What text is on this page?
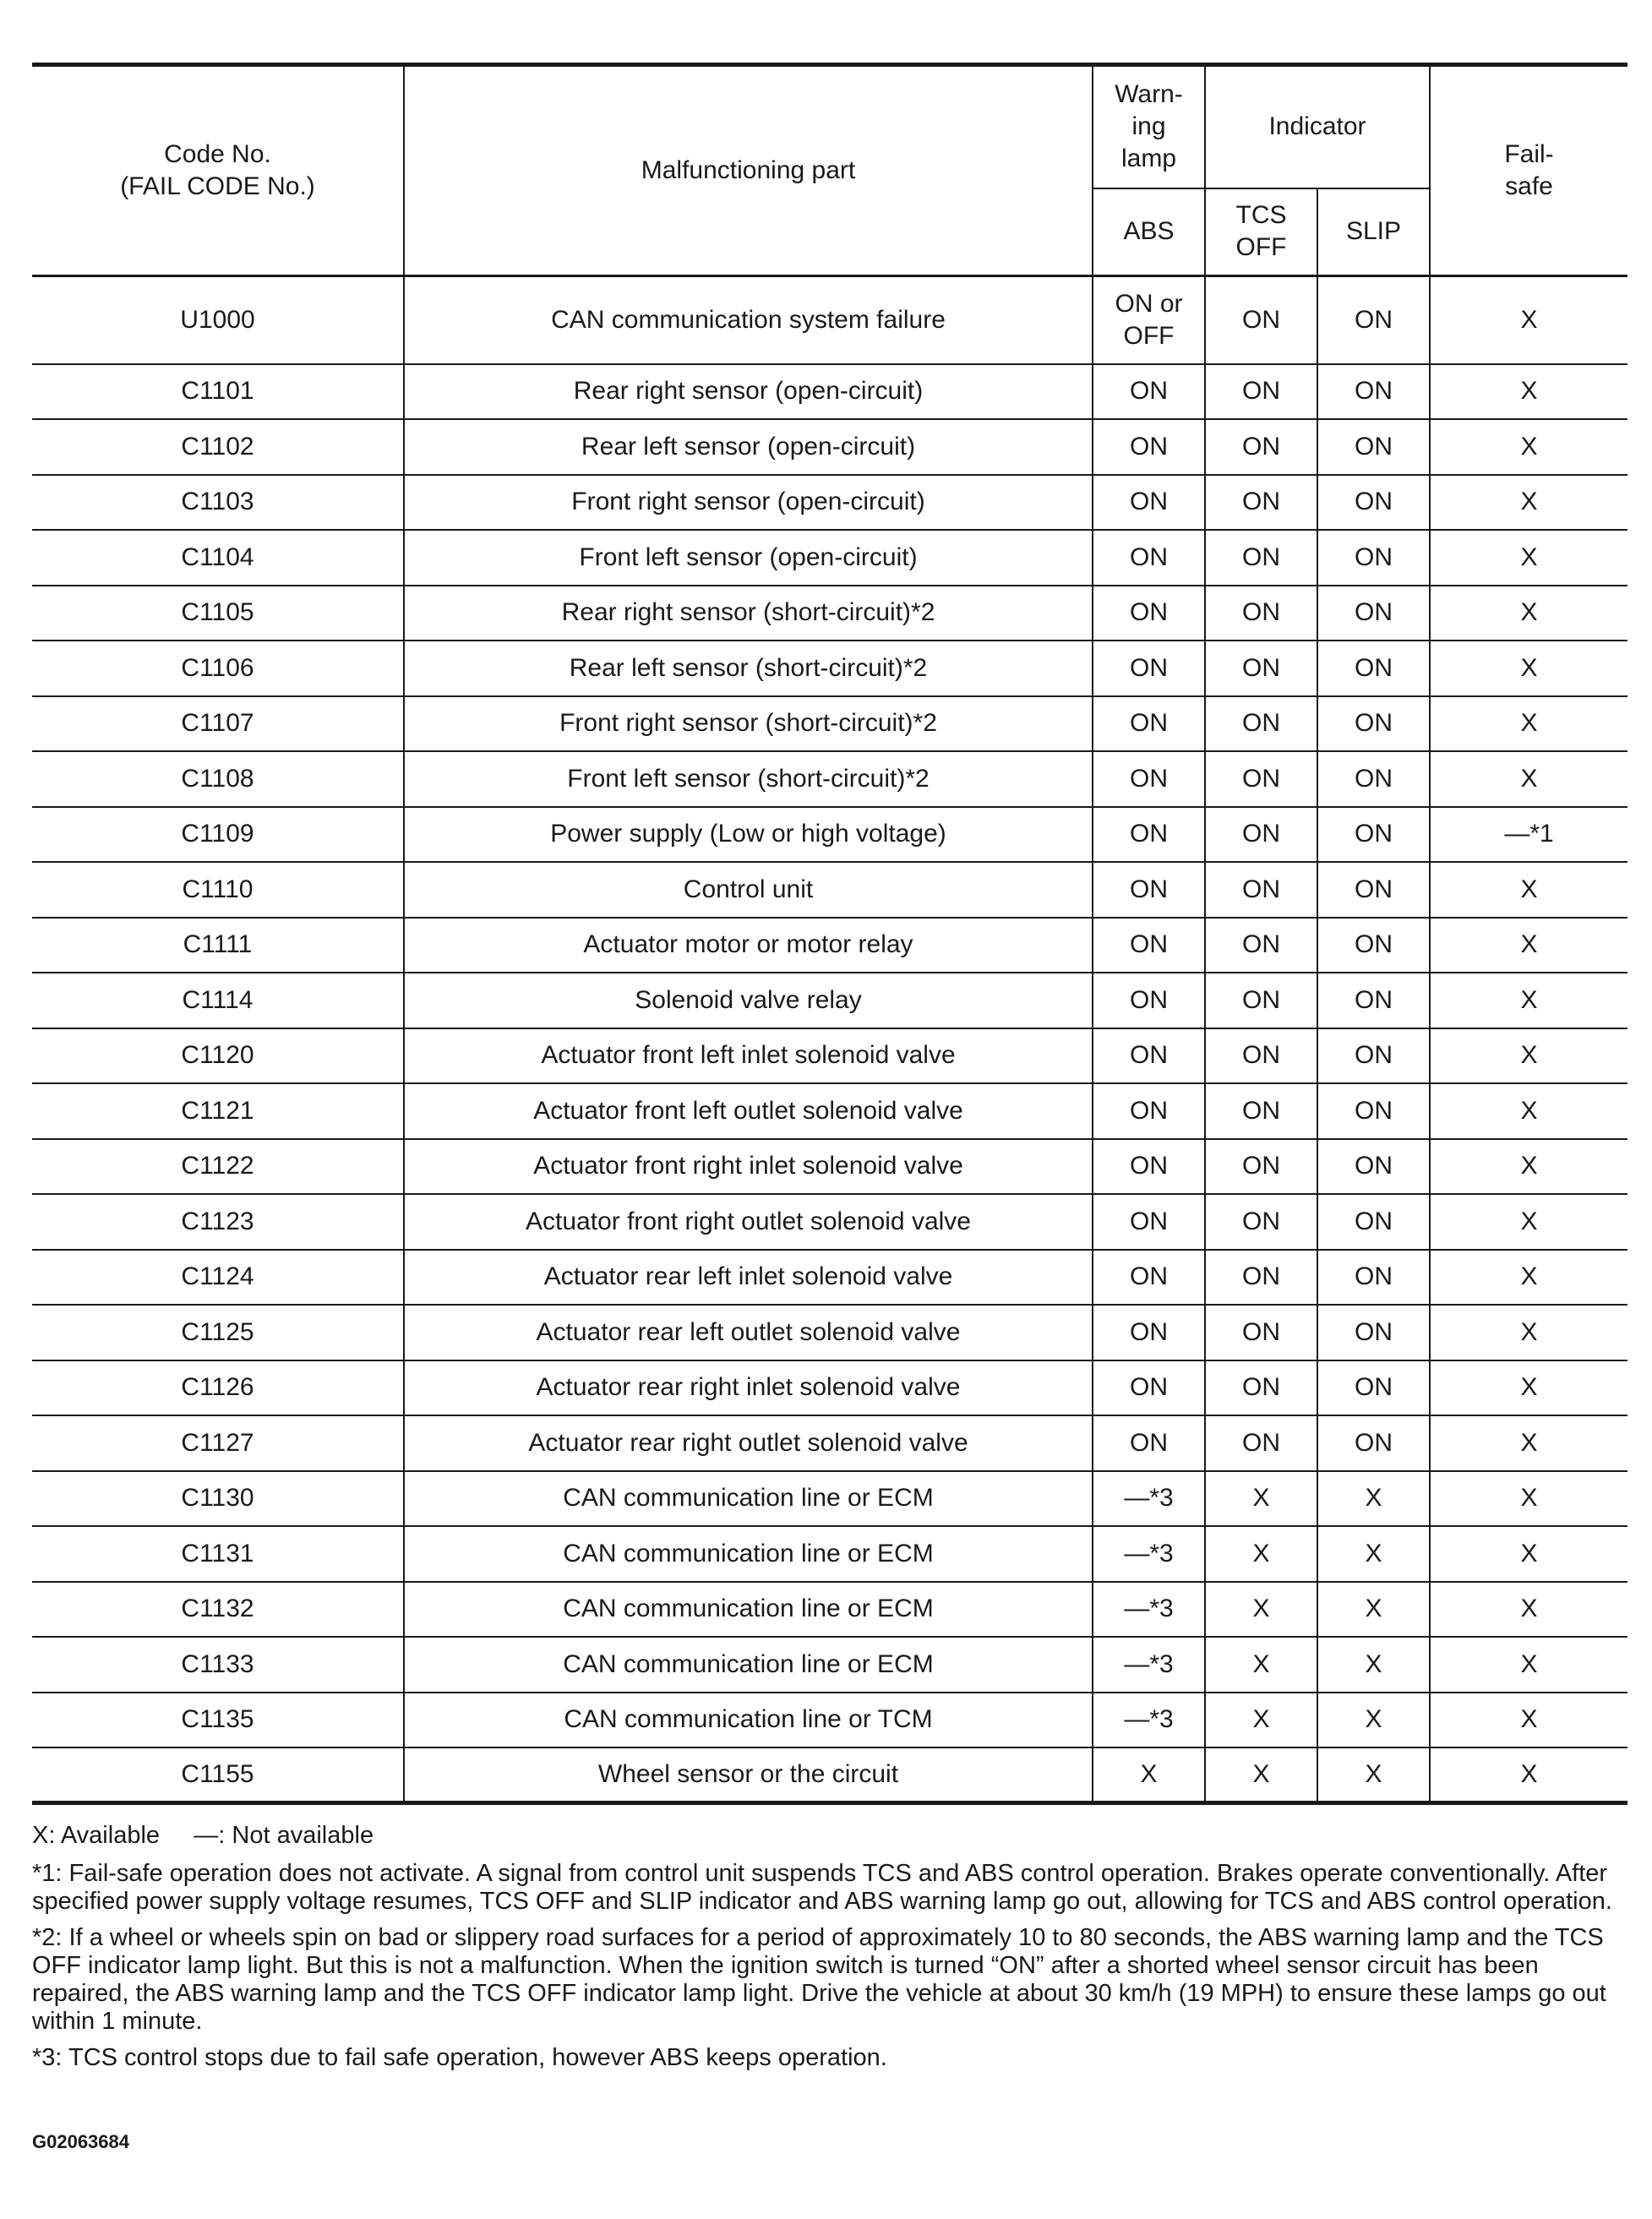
Code No.
(FAIL CODE No.)	Malfunctioning part	Warn-
ing
lamp	Indicator		Fail-
safe

		ABS	TCS
OFF	SLIP	

U1000	CAN communication system failure	ON or
OFF	ON	ON	X

C1101	Rear right sensor (open-circuit)	ON	ON	ON	X

C1102	Rear left sensor (open-circuit)	ON	ON	ON	X

C1103	Front right sensor (open-circuit)	ON	ON	ON	X

C1104	Front left sensor (open-circuit)	ON	ON	ON	X

C1105	Rear right sensor (short-circuit)*2	ON	ON	ON	X

C1106	Rear left sensor (short-circuit)*2	ON	ON	ON	X

C1107	Front right sensor (short-circuit)*2	ON	ON	ON	X

C1108	Front left sensor (short-circuit)*2	ON	ON	ON	X

C1109	Power supply (Low or high voltage)	ON	ON	ON	—*1

C1110	Control unit	ON	ON	ON	X

C1111	Actuator motor or motor relay	ON	ON	ON	X

C1114	Solenoid valve relay	ON	ON	ON	X

C1120	Actuator front left inlet solenoid valve	ON	ON	ON	X

C1121	Actuator front left outlet solenoid valve	ON	ON	ON	X

C1122	Actuator front right inlet solenoid valve	ON	ON	ON	X

C1123	Actuator front right outlet solenoid valve	ON	ON	ON	X

C1124	Actuator rear left inlet solenoid valve	ON	ON	ON	X

C1125	Actuator rear left outlet solenoid valve	ON	ON	ON	X

C1126	Actuator rear right inlet solenoid valve	ON	ON	ON	X

C1127	Actuator rear right outlet solenoid valve	ON	ON	ON	X

C1130	CAN communication line or ECM	—*3	X	X	X

C1131	CAN communication line or ECM	—*3	X	X	X

C1132	CAN communication line or ECM	—*3	X	X	X

C1133	CAN communication line or ECM	—*3	X	X	X

C1135	CAN communication line or TCM	—*3	X	X	X

C1155	Wheel sensor or the circuit	X	X	X	X

X: Available     —: Not available

*1: Fail-safe operation does not activate. A signal from control unit suspends TCS and ABS control operation. Brakes operate conventionally. After specified power supply voltage resumes, TCS OFF and SLIP indicator and ABS warning lamp go out, allowing for TCS and ABS control operation.

*2: If a wheel or wheels spin on bad or slippery road surfaces for a period of approximately 10 to 80 seconds, the ABS warning lamp and the TCS OFF indicator lamp light. But this is not a malfunction. When the ignition switch is turned “ON” after a shorted wheel sensor circuit has been repaired, the ABS warning lamp and the TCS OFF indicator lamp light. Drive the vehicle at about 30 km/h (19 MPH) to ensure these lamps go out within 1 minute.

*3: TCS control stops due to fail safe operation, however ABS keeps operation.

G02063684
